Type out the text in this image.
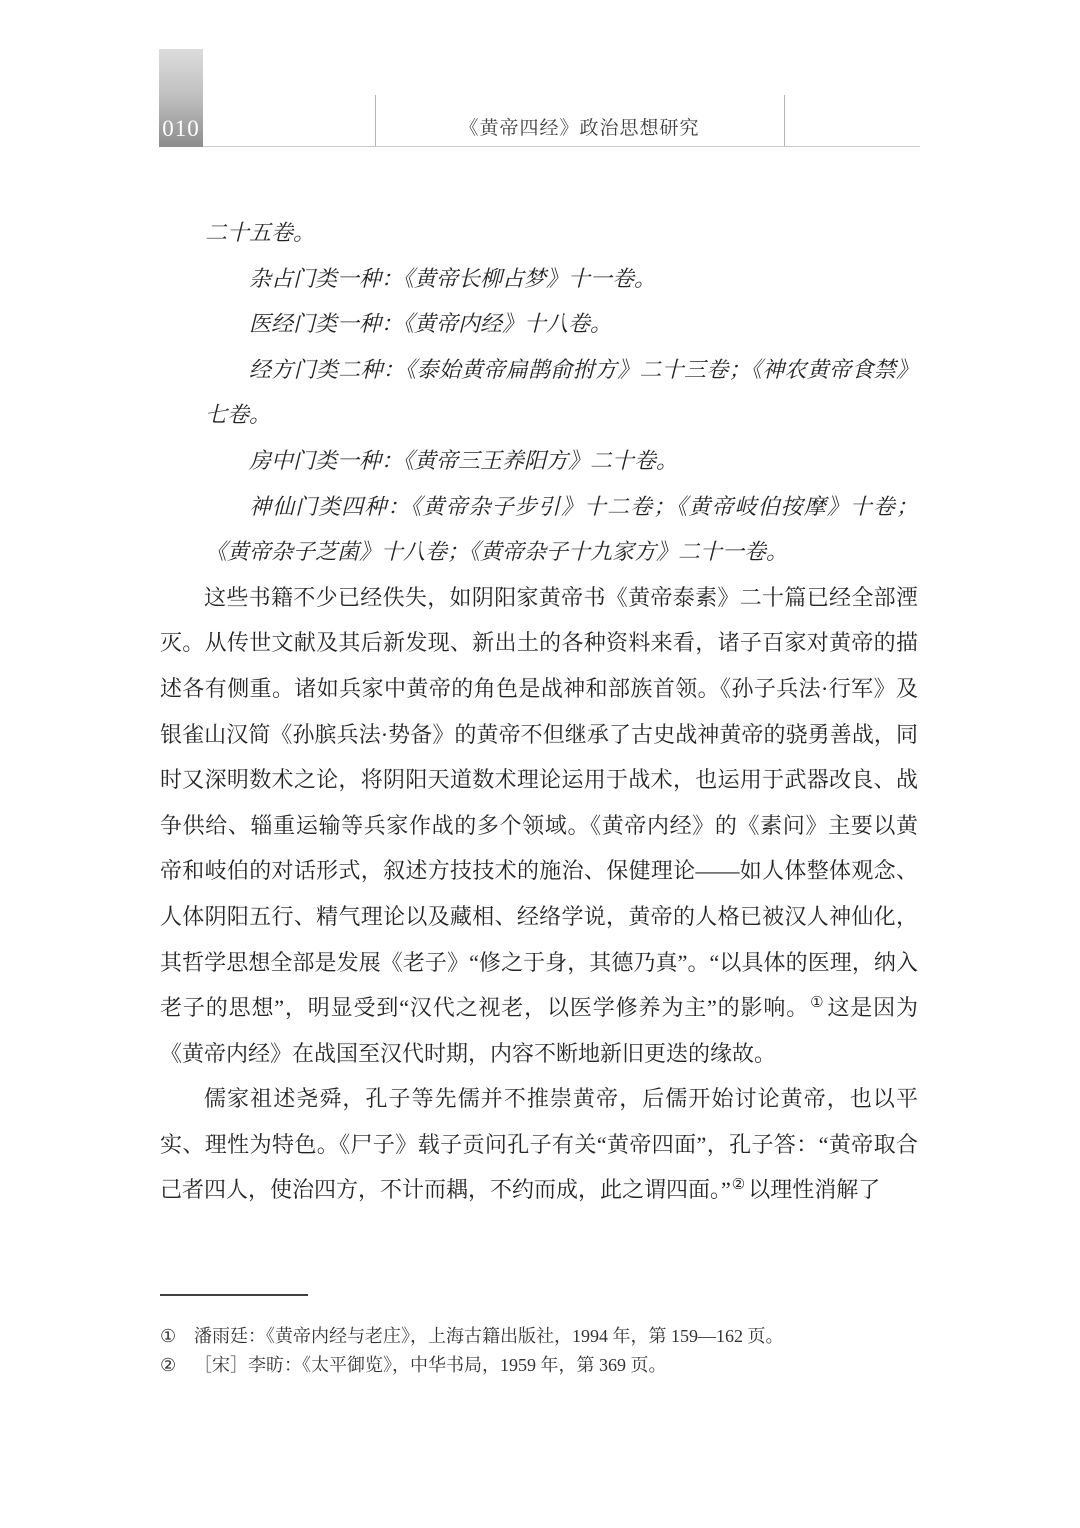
010	《黄帝四经》政治思想研究

二十五卷。

杂占门类一种：《黄帝长柳占梦》十一卷。

医经门类一种：《黄帝内经》十八卷。

经方门类二种：《泰始黄帝扁鹊俞拊方》二十三卷；《神农黄帝食禁》七卷。

房中门类一种：《黄帝三王养阳方》二十卷。

神仙门类四种：《黄帝杂子步引》十二卷；《黄帝岐伯按摩》十卷；《黄帝杂子芝菌》十八卷；《黄帝杂子十九家方》二十一卷。

这些书籍不少已经佚失，如阴阳家黄帝书《黄帝泰素》二十篇已经全部湮灭。从传世文献及其后新发现、新出土的各种资料来看，诸子百家对黄帝的描述各有侧重。诸如兵家中黄帝的角色是战神和部族首领。《孙子兵法·行军》及银雀山汉简《孙膑兵法·势备》的黄帝不但继承了古史战神黄帝的骁勇善战，同时又深明数术之论，将阴阳天道数术理论运用于战术，也运用于武器改良、战争供给、辎重运输等兵家作战的多个领域。《黄帝内经》的《素问》主要以黄帝和岐伯的对话形式，叙述方技技术的施治、保健理论——如人体整体观念、人体阴阳五行、精气理论以及藏相、经络学说，黄帝的人格已被汉人神仙化，其哲学思想全部是发展《老子》“修之于身，其德乃真”。“以具体的医理，纳入老子的思想”，明显受到“汉代之视老，以医学修养为主”的影响。① 这是因为《黄帝内经》在战国至汉代时期，内容不断地新旧更迭的缘故。

儒家祖述尧舜，孔子等先儒并不推崇黄帝，后儒开始讨论黄帝，也以平实、理性为特色。《尸子》载子贡问孔子有关“黄帝四面”，孔子答：“黄帝取合己者四人，使治四方，不计而耦，不约而成，此之谓四面。”② 以理性消解了

① 潘雨廷：《黄帝内经与老庄》，上海古籍出版社，1994 年，第 159—162 页。
② ［宋］李昉：《太平御览》，中华书局，1959 年，第 369 页。
